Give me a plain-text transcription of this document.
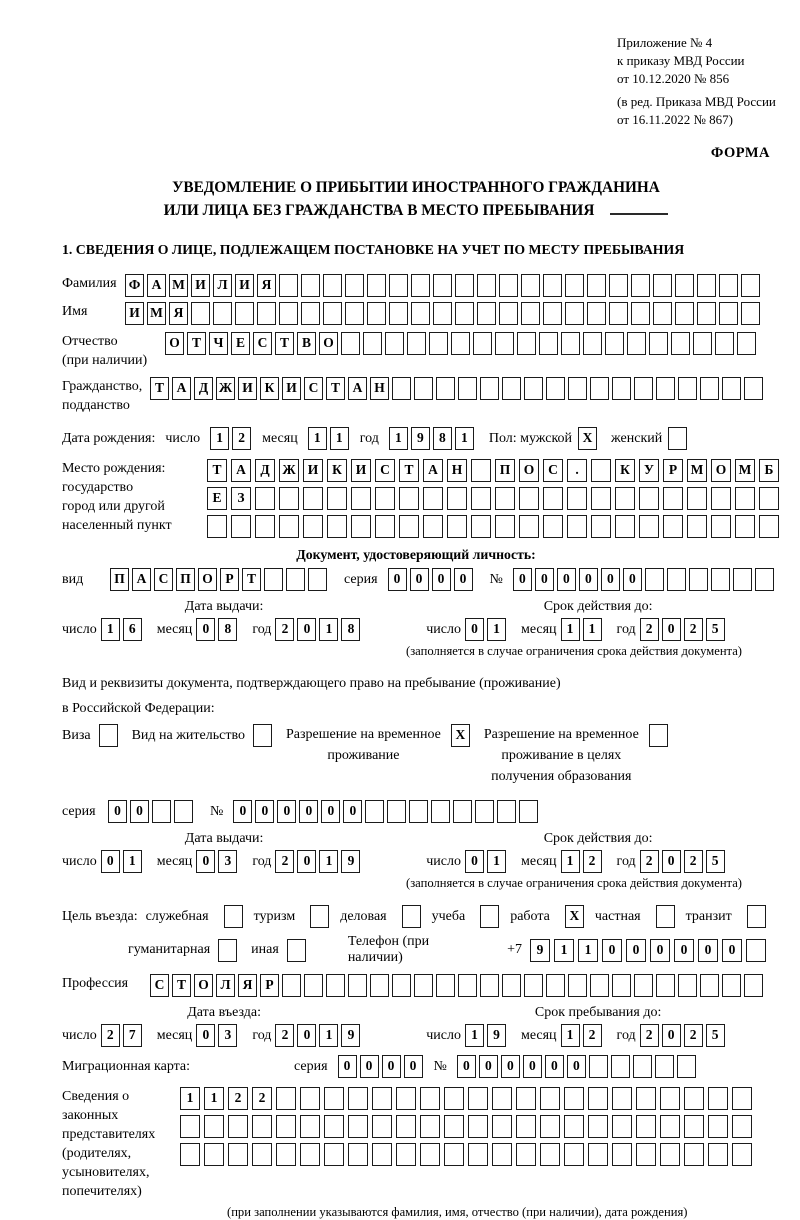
Приложение № 4
к приказу МВД России
от 10.12.2020 № 856
(в ред. Приказа МВД России
от 16.11.2022 № 867)
ФОРМА
УВЕДОМЛЕНИЕ О ПРИБЫТИИ ИНОСТРАННОГО ГРАЖДАНИНА
ИЛИ ЛИЦА БЕЗ ГРАЖДАНСТВА В МЕСТО ПРЕБЫВАНИЯ
1. СВЕДЕНИЯ О ЛИЦЕ, ПОДЛЕЖАЩЕМ ПОСТАНОВКЕ НА УЧЕТ ПО МЕСТУ ПРЕБЫВАНИЯ
Фамилия Ф А М И Л И Я
Имя	И М Я
Отчество
(при наличии)
О Т Ч Е С Т В О
Гражданство,
подданство
Т А Д Ж И К И С Т А Н
Дата рождения: число	1	2	месяц	1	1	год	1	9	8	1	Пол: мужской X	женский
Место рождения:
государство
город или другой
населенный пункт
Т	А	Д Ж И	К	И	С	Т	А	Н	П О	С	.	К	У	Р	М О М Б
Е	З
Документ, удостоверяющий личность:
вид	П А С П О Р Т	серия	0	0	0	0	№	0	0	0	0	0	0
Дата выдачи:
число 1	6	месяц 0	8	год 2	0	1	8
Срок действия до:
число 0	1	месяц 1	1	год 2	0	2	5
(заполняется в случае ограничения срока действия документа)
Вид и реквизиты документа, подтверждающего право на пребывание (проживание)
в Российской Федерации:
Виза	Вид на жительство	Разрешение на временное
проживание
X	Разрешение на временное
проживание в целях
получения образования
серия	0	0	№	0	0	0	0	0	0
Дата выдачи:
число 0	1	месяц 0	3	год 2	0	1	9
Срок действия до:
число 0	1	месяц 1	2	год 2	0	2	5
(заполняется в случае ограничения срока действия документа)
Цель въезда: служебная	туризм	деловая	учеба	работа	X	частная	транзит
гуманитарная	иная
Телефон (при наличии)
+7	9	1	1	0	0	0	0	0	0
Профессия	С Т О Л Я Р
Дата въезда:
число 2	7	месяц 0	3	год 2	0	1	9
Срок пребывания до:
число 1	9	месяц 1	2	год 2	0	2	5
Миграционная карта:	серия	0	0	0	0	№	0	0	0	0	0	0
Сведения о
законных
представителях
(родителях,
усыновителях,
попечителях)
1	1	2	2
(при заполнении указываются фамилия, имя, отчество (при наличии), дата рождения)
